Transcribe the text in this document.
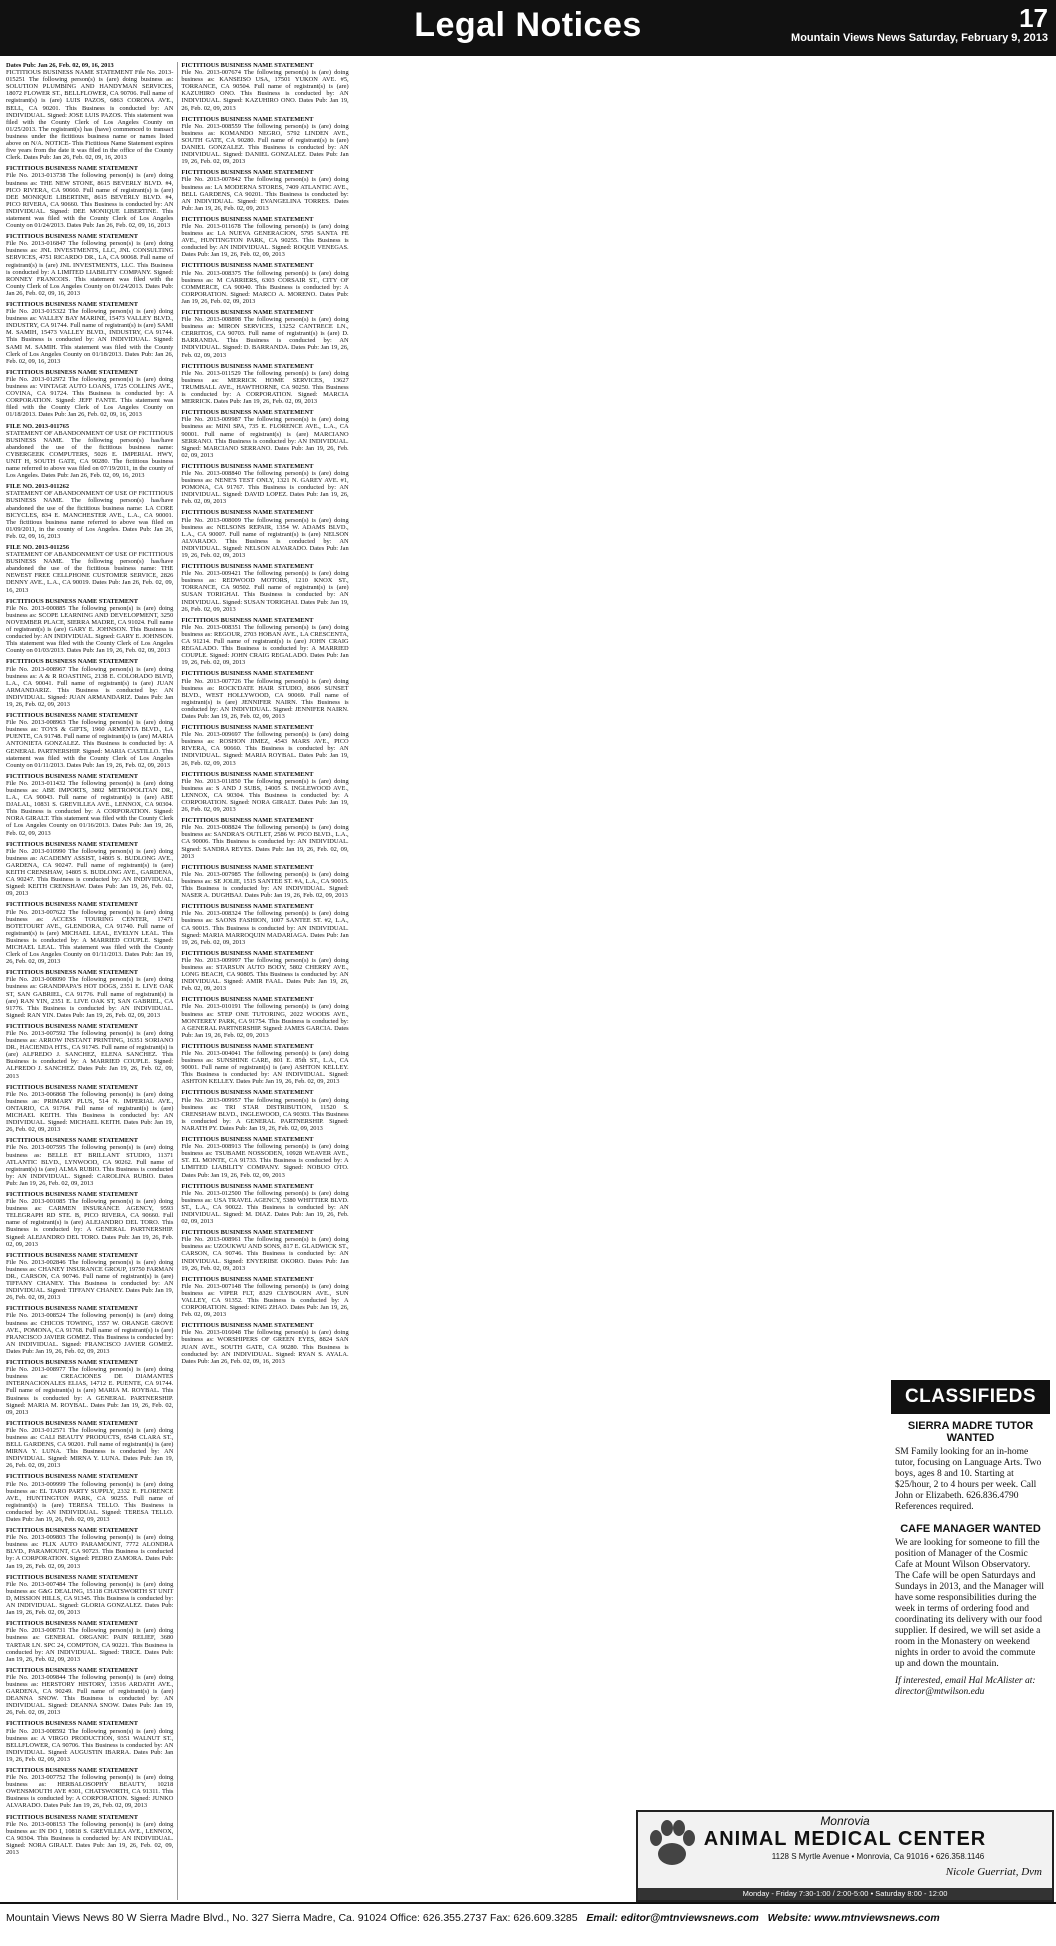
Legal Notices	17
Mountain Views News Saturday, February 9, 2013
Dates Pub: Jan 26, Feb. 02, 09, 16, 2013
FICTITIOUS BUSINESS NAME STATEMENT File No. 2013-015251 The following person(s) is (are) doing business as: SOLUTION PLUMBING AND HANDYMAN SERVICES, 18072 FLOWER ST., BELLFLOWER, CA 90706. Full name of registrant(s) is (are) LUIS PAZOS, 6863 CORONA AVE., BELL, CA 90201. This Business is conducted by: AN INDIVIDUAL. Signed: JOSE LUIS PAZOS. This statement was filed with the County Clerk of Los Angeles County on 01/25/2013. The registrant(s) has (have) commenced to transact business under the fictitious business name or names listed above on N/A. NOTICE- This Fictitious Name Statement expires five years from the date it was filed in the office of the County Clerk. Dates Pub: Jan 26, Feb. 02, 09, 16, 2013
FICTITIOUS BUSINESS NAME STATEMENT
File No. 2013-013738 The following person(s) is (are) doing business as: THE NEW STONE, 8615 BEVERLY BLVD. #4, PICO RIVERA, CA 90660. Full name of registrant(s) is (are) DEE MONIQUE LIBERTINE, 8615 BEVERLY BLVD. #4, PICO RIVERA, CA 90660. This Business is conducted by: AN INDIVIDUAL. Signed: DEE MONIQUE LIBERTINE. This statement was filed with the County Clerk of Los Angeles County on 01/24/2013. Dates Pub: Jan 26, Feb. 02, 09, 16, 2013
FICTITIOUS BUSINESS NAME STATEMENT
File No. 2013-016847 The following person(s) is (are) doing business as: JNL INVESTMENTS, LLC, JNL CONSULTING SERVICES, 4751 RICARDO DR., LA, CA 90068. Full name of registrant(s) is (are) JNL INVESTMENTS, LLC. This Business is conducted by: A LIMITED LIABILITY COMPANY. Signed: RONNEY FRANCOIS. This statement was filed with the County Clerk of Los Angeles County on 01/24/2013. Dates Pub: Jan 26, Feb. 02, 09, 16, 2013
FICTITIOUS BUSINESS NAME STATEMENT
File No. 2013-015322 The following person(s) is (are) doing business as: VALLEY BAY MARINE, 15473 VALLEY BLVD., INDUSTRY, CA 91744. Full name of registrant(s) is (are) SAMI M. SAMIH, 15473 VALLEY BLVD., INDUSTRY, CA 91744. This Business is conducted by: AN INDIVIDUAL. Signed: SAMI M. SAMIH. This statement was filed with the County Clerk of Los Angeles County on 01/18/2013. Dates Pub: Jan 26, Feb. 02, 09, 16, 2013
FICTITIOUS BUSINESS NAME STATEMENT
File No. 2013-012972 The following person(s) is (are) doing business as: VINTAGE AUTO LOANS, 1725 COLLINS AVE., COVINA, CA 91724. This Business is conducted by: A CORPORATION. Signed: JEFF FANTE. This statement was filed with the County Clerk of Los Angeles County on 01/18/2013. Dates Pub: Jan 26, Feb. 02, 09, 16, 2013
FILE NO. 2013-011765
STATEMENT OF ABANDONMENT OF USE OF FICTITIOUS BUSINESS NAME. The following person(s) has/have abandoned the use of the fictitious business name: CYBERGEEK COMPUTERS, 5026 E. IMPERIAL HWY, UNIT H, SOUTH GATE, CA 90280. The fictitious business name referred to above was filed on 07/19/2011, in the county of Los Angeles. Dates Pub: Jan 26, Feb. 02, 09, 16, 2013
FILE NO. 2013-011262
STATEMENT OF ABANDONMENT OF USE OF FICTITIOUS BUSINESS NAME. The following person(s) has/have abandoned the use of the fictitious business name: LA CORE BICYCLES, 834 E. MANCHESTER AVE., L.A., CA 90001. The fictitious business name referred to above was filed on 01/09/2011, in the county of Los Angeles. Dates Pub: Jan 26, Feb. 02, 09, 16, 2013
FILE NO. 2013-011256
STATEMENT OF ABANDONMENT OF USE OF FICTITIOUS BUSINESS NAME. The following person(s) has/have abandoned the use of the fictitious business name: THE NEWEST FREE CELLPHONE CUSTOMER SERVICE, 2826 DENNY AVE., L.A., CA 90019. Dates Pub: Jan 26, Feb. 02, 09, 16, 2013
FICTITIOUS BUSINESS NAME STATEMENT
File No. 2013-000885 The following person(s) is (are) doing business as: SCOPE LEARNING AND DEVELOPMENT, 3250 NOVEMBER PLACE, SIERRA MADRE, CA 91024. Full name of registrant(s) is (are) GARY E. JOHNSON. This Business is conducted by: AN INDIVIDUAL. Signed: GARY E. JOHNSON. This statement was filed with the County Clerk of Los Angeles County on 01/03/2013. Dates Pub: Jan 19, 26, Feb. 02, 09, 2013
FICTITIOUS BUSINESS NAME STATEMENT
File No. 2013-008967 The following person(s) is (are) doing business as: A & R ROASTING, 2138 E. COLORADO BLVD, L.A., CA 90041. Full name of registrant(s) is (are) JUAN ARMANDARIZ. This Business is conducted by: AN INDIVIDUAL. Signed: JUAN ARMANDARIZ. Dates Pub: Jan 19, 26, Feb. 02, 09, 2013
FICTITIOUS BUSINESS NAME STATEMENT
File No. 2013-008963 The following person(s) is (are) doing business as: TOYS & GIFTS, 1960 ARMENTA BLVD., LA PUENTE, CA 91748. Full name of registrant(s) is (are) MARIA ANTONIETA GONZALEZ. This Business is conducted by: A GENERAL PARTNERSHIP. Signed: MARIA CASTILLO. This statement was filed with the County Clerk of Los Angeles County on 01/11/2013. Dates Pub: Jan 19, 26, Feb. 02, 09, 2013
FICTITIOUS BUSINESS NAME STATEMENT
File No. 2013-011432 The following person(s) is (are) doing business as: ABE IMPORTS, 3802 METROPOLITAN DR., L.A., CA 90043. Full name of registrant(s) is (are) ABE DJALAL, 10831 S. GREVILLEA AVE., LENNOX, CA 90304. This Business is conducted by: A CORPORATION. Signed: NORA GIRALT. This statement was filed with the County Clerk of Los Angeles County on 01/16/2013. Dates Pub: Jan 19, 26, Feb. 02, 09, 2013
FICTITIOUS BUSINESS NAME STATEMENT
File No. 2013-010990 The following person(s) is (are) doing business as: ACADEMY ASSIST, 14805 S. BUDLONG AVE., GARDENA, CA 90247. Full name of registrant(s) is (are) KEITH CRENSHAW, 14805 S. BUDLONG AVE., GARDENA, CA 90247. This Business is conducted by: AN INDIVIDUAL. Signed: KEITH CRENSHAW. Dates Pub: Jan 19, 26, Feb. 02, 09, 2013
FICTITIOUS BUSINESS NAME STATEMENT
File No. 2013-007622 The following person(s) is (are) doing business as: ACCESS TOURING CENTER, 17471 BOTETOURT AVE., GLENDORA, CA 91740. Full name of registrant(s) is (are) MICHAEL LEAL, EVELYN LEAL. This Business is conducted by: A MARRIED COUPLE. Signed: MICHAEL LEAL. This statement was filed with the County Clerk of Los Angeles County on 01/11/2013. Dates Pub: Jan 19, 26, Feb. 02, 09, 2013
FICTITIOUS BUSINESS NAME STATEMENT
File No. 2013-008090 The following person(s) is (are) doing business as: GRANDPAPA'S HOT DOGS, 2351 E. LIVE OAK ST, SAN GABRIEL, CA 91776. Full name of registrant(s) is (are) RAN YIN, 2351 E. LIVE OAK ST, SAN GABRIEL, CA 91776. This Business is conducted by: AN INDIVIDUAL. Signed: RAN YIN. Dates Pub: Jan 19, 26, Feb. 02, 09, 2013
FICTITIOUS BUSINESS NAME STATEMENT
File No. 2013-007592 The following person(s) is (are) doing business as: ARROW INSTANT PRINTING, 16351 SORIANO DR., HACIENDA HTS., CA 91745. Full name of registrant(s) is (are) ALFREDO J. SANCHEZ, ELENA SANCHEZ. This Business is conducted by: A MARRIED COUPLE. Signed: ALFREDO J. SANCHEZ. Dates Pub: Jan 19, 26, Feb. 02, 09, 2013
FICTITIOUS BUSINESS NAME STATEMENT
File No. 2013-006868 The following person(s) is (are) doing business as: PRIMARY PLUS, 514 N. IMPERIAL AVE., ONTARIO, CA 91764. Full name of registrant(s) is (are) MICHAEL KEITH. This Business is conducted by: AN INDIVIDUAL. Signed: MICHAEL KEITH. Dates Pub: Jan 19, 26, Feb. 02, 09, 2013
FICTITIOUS BUSINESS NAME STATEMENT
File No. 2013-007595 The following person(s) is (are) doing business as: BELLE ET BRILLANT STUDIO, 11371 ATLANTIC BLVD., LYNWOOD, CA 90262. Full name of registrant(s) is (are) ALMA RUBIO. This Business is conducted by: AN INDIVIDUAL. Signed: CAROLINA RUBIO. Dates Pub: Jan 19, 26, Feb. 02, 09, 2013
FICTITIOUS BUSINESS NAME STATEMENT
File No. 2013-001085 The following person(s) is (are) doing business as: CARMEN INSURANCE AGENCY, 9593 TELEGRAPH RD STE. B, PICO RIVERA, CA 90660. Full name of registrant(s) is (are) ALEJANDRO DEL TORO. This Business is conducted by: A GENERAL PARTNERSHIP. Signed: ALEJANDRO DEL TORO. Dates Pub: Jan 19, 26, Feb. 02, 09, 2013
FICTITIOUS BUSINESS NAME STATEMENT
File No. 2013-002846 The following person(s) is (are) doing business as: CHANEY INSURANCE GROUP, 19750 FARMAN DR., CARSON, CA 90746. Full name of registrant(s) is (are) TIFFANY CHANEY. This Business is conducted by: AN INDIVIDUAL. Signed: TIFFANY CHANEY. Dates Pub: Jan 19, 26, Feb. 02, 09, 2013
FICTITIOUS BUSINESS NAME STATEMENT
File No. 2013-008524 The following person(s) is (are) doing business as: CHICOS TOWING, 1557 W. ORANGE GROVE AVE., POMONA, CA 91768. Full name of registrant(s) is (are) FRANCISCO JAVIER GOMEZ. This Business is conducted by: AN INDIVIDUAL. Signed: FRANCISCO JAVIER GOMEZ. Dates Pub: Jan 19, 26, Feb. 02, 09, 2013
FICTITIOUS BUSINESS NAME STATEMENT
File No. 2013-008977 The following person(s) is (are) doing business as: CREACIONES DE DIAMANTES INTERNACIONALES ELIAS, 14712 E. PUENTE, CA 91744. Full name of registrant(s) is (are) MARIA M. ROYBAL. This Business is conducted by: A GENERAL PARTNERSHIP. Signed: MARIA M. ROYBAL. Dates Pub: Jan 19, 26, Feb. 02, 09, 2013
FICTITIOUS BUSINESS NAME STATEMENT
File No. 2013-012571 The following person(s) is (are) doing business as: CALI BEAUTY PRODUCTS, 6548 CLARA ST., BELL GARDENS, CA 90201. Full name of registrant(s) is (are) MIRNA Y. LUNA. This Business is conducted by: AN INDIVIDUAL. Signed: MIRNA Y. LUNA. Dates Pub: Jan 19, 26, Feb. 02, 09, 2013
FICTITIOUS BUSINESS NAME STATEMENT
File No. 2013-009999 The following person(s) is (are) doing business as: EL TARO PARTY SUPPLY, 2332 E. FLORENCE AVE., HUNTINGTON PARK, CA 90255. Full name of registrant(s) is (are) TERESA TELLO. This Business is conducted by: AN INDIVIDUAL. Signed: TERESA TELLO. Dates Pub: Jan 19, 26, Feb. 02, 09, 2013
FICTITIOUS BUSINESS NAME STATEMENT
File No. 2013-009803 The following person(s) is (are) doing business as: FLIX AUTO PARAMOUNT, 7772 ALONDRA BLVD., PARAMOUNT, CA 90723. This Business is conducted by: A CORPORATION. Signed: PEDRO ZAMORA. Dates Pub: Jan 19, 26, Feb. 02, 09, 2013
FICTITIOUS BUSINESS NAME STATEMENT
File No. 2013-007484 The following person(s) is (are) doing business as: G&G DEALING, 15118 CHATSWORTH ST UNIT D, MISSION HILLS, CA 91345. This Business is conducted by: AN INDIVIDUAL. Signed: GLORIA GONZALEZ. Dates Pub: Jan 19, 26, Feb. 02, 09, 2013
FICTITIOUS BUSINESS NAME STATEMENT
File No. 2013-008731 The following person(s) is (are) doing business as: GENERAL ORGANIC PAIN RELIEF, 3680 TARTAR LN. SPC 24, COMPTON, CA 90221. This Business is conducted by: AN INDIVIDUAL. Signed: TRICE. Dates Pub: Jan 19, 26, Feb. 02, 09, 2013
FICTITIOUS BUSINESS NAME STATEMENT
File No. 2013-009844 The following person(s) is (are) doing business as: HERSTORY HISTORY, 13516 ARDATH AVE., GARDENA, CA 90249. Full name of registrant(s) is (are) DEANNA SNOW. This Business is conducted by: AN INDIVIDUAL. Signed: DEANNA SNOW. Dates Pub: Jan 19, 26, Feb. 02, 09, 2013
FICTITIOUS BUSINESS NAME STATEMENT
File No. 2013-008592 The following person(s) is (are) doing business as: A VIRGO PRODUCTION, 9351 WALNUT ST., BELLFLOWER, CA 90706. This Business is conducted by: AN INDIVIDUAL. Signed: AUGUSTIN IBARRA. Dates Pub: Jan 19, 26, Feb. 02, 09, 2013
FICTITIOUS BUSINESS NAME STATEMENT
File No. 2013-007752 The following person(s) is (are) doing business as: HERBALOSOPHY BEAUTY, 10218 OWENSMOUTH AVE #301, CHATSWORTH, CA 91311. This Business is conducted by: A CORPORATION. Signed: JUNKO ALVARADO. Dates Pub: Jan 19, 26, Feb. 02, 09, 2013
FICTITIOUS BUSINESS NAME STATEMENT
File No. 2013-008153 The following person(s) is (are) doing business as: IN DO I, 10818 S. GREVILLEA AVE., LENNOX, CA 90304. This Business is conducted by: AN INDIVIDUAL. Signed: NORA GIRALT. Dates Pub: Jan 19, 26, Feb. 02, 09, 2013
FICTITIOUS BUSINESS NAME STATEMENT
File No. 2013-007674 The following person(s) is (are) doing business as: KANSEISO USA, 17501 YUKON AVE. #5, TORRANCE, CA 90504. Full name of registrant(s) is (are) KAZUHIRO ONO. This Business is conducted by: AN INDIVIDUAL. Signed: KAZUHIRO ONO. Dates Pub: Jan 19, 26, Feb. 02, 09, 2013
FICTITIOUS BUSINESS NAME STATEMENT
File No. 2013-008559 The following person(s) is (are) doing business as: KOMANDO NEGRO, 5792 LINDEN AVE., SOUTH GATE, CA 90280. Full name of registrant(s) is (are) DANIEL GONZALEZ. This Business is conducted by: AN INDIVIDUAL. Signed: DANIEL GONZALEZ. Dates Pub: Jan 19, 26, Feb. 02, 09, 2013
FICTITIOUS BUSINESS NAME STATEMENT
File No. 2013-007842 The following person(s) is (are) doing business as: LA MODERNA STORES, 7409 ATLANTIC AVE., BELL GARDENS, CA 90201. This Business is conducted by: AN INDIVIDUAL. Signed: EVANGELINA TORRES. Dates Pub: Jan 19, 26, Feb. 02, 09, 2013
FICTITIOUS BUSINESS NAME STATEMENT
File No. 2013-011678 The following person(s) is (are) doing business as: LA NUEVA GENERACION, 5795 SANTA FE AVE., HUNTINGTON PARK, CA 90255. This Business is conducted by: AN INDIVIDUAL. Signed: ROQUE VENEGAS. Dates Pub: Jan 19, 26, Feb. 02, 09, 2013
FICTITIOUS BUSINESS NAME STATEMENT
File No. 2013-008375 The following person(s) is (are) doing business as: M CARRIERS, 6303 CORSAIR ST., CITY OF COMMERCE, CA 90040. This Business is conducted by: A CORPORATION. Signed: MARCO A. MORENO. Dates Pub: Jan 19, 26, Feb. 02, 09, 2013
FICTITIOUS BUSINESS NAME STATEMENT
File No. 2013-008898 The following person(s) is (are) doing business as: MIRON SERVICES, 13252 CANTRECE LN., CERRITOS, CA 90703. Full name of registrant(s) is (are) D. BARRANDA. This Business is conducted by: AN INDIVIDUAL. Signed: D. BARRANDA. Dates Pub: Jan 19, 26, Feb. 02, 09, 2013
FICTITIOUS BUSINESS NAME STATEMENT
File No. 2013-011529 The following person(s) is (are) doing business as: MERRICK HOME SERVICES, 13627 TRUMBALL AVE., HAWTHORNE, CA 90250. This Business is conducted by: A CORPORATION. Signed: MARCIA MERRICK. Dates Pub: Jan 19, 26, Feb. 02, 09, 2013
FICTITIOUS BUSINESS NAME STATEMENT
File No. 2013-009987 The following person(s) is (are) doing business as: MINI SPA, 735 E. FLORENCE AVE., L.A., CA 90001. Full name of registrant(s) is (are) MARCIANO SERRANO. This Business is conducted by: AN INDIVIDUAL. Signed: MARCIANO SERRANO. Dates Pub: Jan 19, 26, Feb. 02, 09, 2013
FICTITIOUS BUSINESS NAME STATEMENT
File No. 2013-008840 The following person(s) is (are) doing business as: NENE'S TEST ONLY, 1321 N. GAREY AVE. #1, POMONA, CA 91767. This Business is conducted by: AN INDIVIDUAL. Signed: DAVID LOPEZ. Dates Pub: Jan 19, 26, Feb. 02, 09, 2013
FICTITIOUS BUSINESS NAME STATEMENT
File No. 2013-008009 The following person(s) is (are) doing business as: NELSONS REPAIR, 1354 W. ADAMS BLVD., L.A., CA 90007. Full name of registrant(s) is (are) NELSON ALVARADO. This Business is conducted by: AN INDIVIDUAL. Signed: NELSON ALVARADO. Dates Pub: Jan 19, 26, Feb. 02, 09, 2013
FICTITIOUS BUSINESS NAME STATEMENT
File No. 2013-009421 The following person(s) is (are) doing business as: REDWOOD MOTORS, 1210 KNOX ST., TORRANCE, CA 90502. Full name of registrant(s) is (are) SUSAN TORIGHAI. This Business is conducted by: AN INDIVIDUAL. Signed: SUSAN TORIGHAI. Dates Pub: Jan 19, 26, Feb. 02, 09, 2013
FICTITIOUS BUSINESS NAME STATEMENT
File No. 2013-008351 The following person(s) is (are) doing business as: REGOUR, 2703 HOBAN AVE., LA CRESCENTA, CA 91214. Full name of registrant(s) is (are) JOHN CRAIG REGALADO. This Business is conducted by: A MARRIED COUPLE. Signed: JOHN CRAIG REGALADO. Dates Pub: Jan 19, 26, Feb. 02, 09, 2013
FICTITIOUS BUSINESS NAME STATEMENT
File No. 2013-007726 The following person(s) is (are) doing business as: ROCK'DATE HAIR STUDIO, 8606 SUNSET BLVD., WEST HOLLYWOOD, CA 90069. Full name of registrant(s) is (are) JENNIFER NAIRN. This Business is conducted by: AN INDIVIDUAL. Signed: JENNIFER NAIRN. Dates Pub: Jan 19, 26, Feb. 02, 09, 2013
FICTITIOUS BUSINESS NAME STATEMENT
File No. 2013-009697 The following person(s) is (are) doing business as: ROSHON JIMEZ, 4543 MARS AVE., PICO RIVERA, CA 90660. This Business is conducted by: AN INDIVIDUAL. Signed: MARIA ROYBAL. Dates Pub: Jan 19, 26, Feb. 02, 09, 2013
FICTITIOUS BUSINESS NAME STATEMENT
File No. 2013-011850 The following person(s) is (are) doing business as: S AND J SUBS, 14005 S. INGLEWOOD AVE., LENNOX, CA 90304. This Business is conducted by: A CORPORATION. Signed: NORA GIRALT. Dates Pub: Jan 19, 26, Feb. 02, 09, 2013
FICTITIOUS BUSINESS NAME STATEMENT
File No. 2013-008824 The following person(s) is (are) doing business as: SANDRA'S OUTLET, 2586 W. PICO BLVD., L.A., CA 90006. This Business is conducted by: AN INDIVIDUAL. Signed: SANDRA REYES. Dates Pub: Jan 19, 26, Feb. 02, 09, 2013
FICTITIOUS BUSINESS NAME STATEMENT
File No. 2013-007985 The following person(s) is (are) doing business as: SE JOLIE, 1515 SANTEE ST. #A, L.A., CA 90015. This Business is conducted by: AN INDIVIDUAL. Signed: NASER A. DUGHBAJ. Dates Pub: Jan 19, 26, Feb. 02, 09, 2013
FICTITIOUS BUSINESS NAME STATEMENT
File No. 2013-008324 The following person(s) is (are) doing business as: SAONS FASHION, 1007 SANTEE ST. #2, L.A., CA 90015. This Business is conducted by: AN INDIVIDUAL. Signed: MARIA MARROQUIN MADARIAGA. Dates Pub: Jan 19, 26, Feb. 02, 09, 2013
FICTITIOUS BUSINESS NAME STATEMENT
File No. 2013-009997 The following person(s) is (are) doing business as: STARSUN AUTO BODY, 5802 CHERRY AVE., LONG BEACH, CA 90805. This Business is conducted by: AN INDIVIDUAL. Signed: AMIR FAAL. Dates Pub: Jan 19, 26, Feb. 02, 09, 2013
FICTITIOUS BUSINESS NAME STATEMENT
File No. 2013-010191 The following person(s) is (are) doing business as: STEP ONE TUTORING, 2022 WOODS AVE., MONTEREY PARK, CA 91754. This Business is conducted by: A GENERAL PARTNERSHIP. Signed: JAMES GARCIA. Dates Pub: Jan 19, 26, Feb. 02, 09, 2013
FICTITIOUS BUSINESS NAME STATEMENT
File No. 2013-004041 The following person(s) is (are) doing business as: SUNSHINE CARE, 801 E. 85th ST., L.A., CA 90001. Full name of registrant(s) is (are) ASHTON KELLEY. This Business is conducted by: AN INDIVIDUAL. Signed: ASHTON KELLEY. Dates Pub: Jan 19, 26, Feb. 02, 09, 2013
FICTITIOUS BUSINESS NAME STATEMENT
File No. 2013-009957 The following person(s) is (are) doing business as: TRI STAR DISTRIBUTION, 11520 S. CRENSHAW BLVD., INGLEWOOD, CA 90303. This Business is conducted by: A GENERAL PARTNERSHIP. Signed: NARATH PY. Dates Pub: Jan 19, 26, Feb. 02, 09, 2013
FICTITIOUS BUSINESS NAME STATEMENT
File No. 2013-008913 The following person(s) is (are) doing business as: TSUBAME NOSSODEN, 10928 WEAVER AVE., ST. EL MONTE, CA 91733. This Business is conducted by: A LIMITED LIABILITY COMPANY. Signed: NOBUO OTO. Dates Pub: Jan 19, 26, Feb. 02, 09, 2013
FICTITIOUS BUSINESS NAME STATEMENT
File No. 2013-012500 The following person(s) is (are) doing business as: USA TRAVEL AGENCY, 5380 WHITTIER BLVD. ST., L.A., CA 90022. This Business is conducted by: AN INDIVIDUAL. Signed: M. DIAZ. Dates Pub: Jan 19, 26, Feb. 02, 09, 2013
FICTITIOUS BUSINESS NAME STATEMENT
File No. 2013-008961 The following person(s) is (are) doing business as: UZOUKWU AND SONS, 817 E. GLADWICK ST., CARSON, CA 90746. This Business is conducted by: AN INDIVIDUAL. Signed: ENYERIBE OKORO. Dates Pub: Jan 19, 26, Feb. 02, 09, 2013
FICTITIOUS BUSINESS NAME STATEMENT
File No. 2013-007148 The following person(s) is (are) doing business as: VIPER FLT, 8329 CLYBOURN AVE., SUN VALLEY, CA 91352. This Business is conducted by: A CORPORATION. Signed: KING ZHAO. Dates Pub: Jan 19, 26, Feb. 02, 09, 2013
FICTITIOUS BUSINESS NAME STATEMENT
File No. 2013-016048 The following person(s) is (are) doing business as: WORSHIPERS OF GREEN EYES, 8824 SAN JUAN AVE., SOUTH GATE, CA 90280. This Business is conducted by: AN INDIVIDUAL. Signed: RYAN S. AYALA. Dates Pub: Jan 26, Feb. 02, 09, 16, 2013
CLASSIFIEDS
SIERRA MADRE TUTOR WANTED
SM Family looking for an in-home tutor, focusing on Language Arts. Two boys, ages 8 and 10. Starting at $25/hour, 2 to 4 hours per week. Call John or Elizabeth. 626.836.4790 References required.
CAFE MANAGER WANTED
We are looking for someone to fill the position of Manager of the Cosmic Cafe at Mount Wilson Observatory. The Cafe will be open Saturdays and Sundays in 2013, and the Manager will have some responsibilities during the week in terms of ordering food and coordinating its delivery with our food supplier. If desired, we will set aside a room in the Monastery on weekend nights in order to avoid the commute up and down the mountain.
If interested, email Hal McAlister at: director@mtwilson.edu
Monrovia
ANIMAL MEDICAL CENTER
1128 S Myrtle Avenue • Monrovia, Ca 91016 • 626.358.1146
Nicole Guerriat, Dvm
Monday - Friday 7:30-1:00 / 2:00-5:00 • Saturday 8:00 - 12:00
Mountain Views News 80 W Sierra Madre Blvd., No. 327 Sierra Madre, Ca. 91024 Office: 626.355.2737 Fax: 626.609.3285 Email: editor@mtnviewsnews.com Website: www.mtnviewsnews.com
